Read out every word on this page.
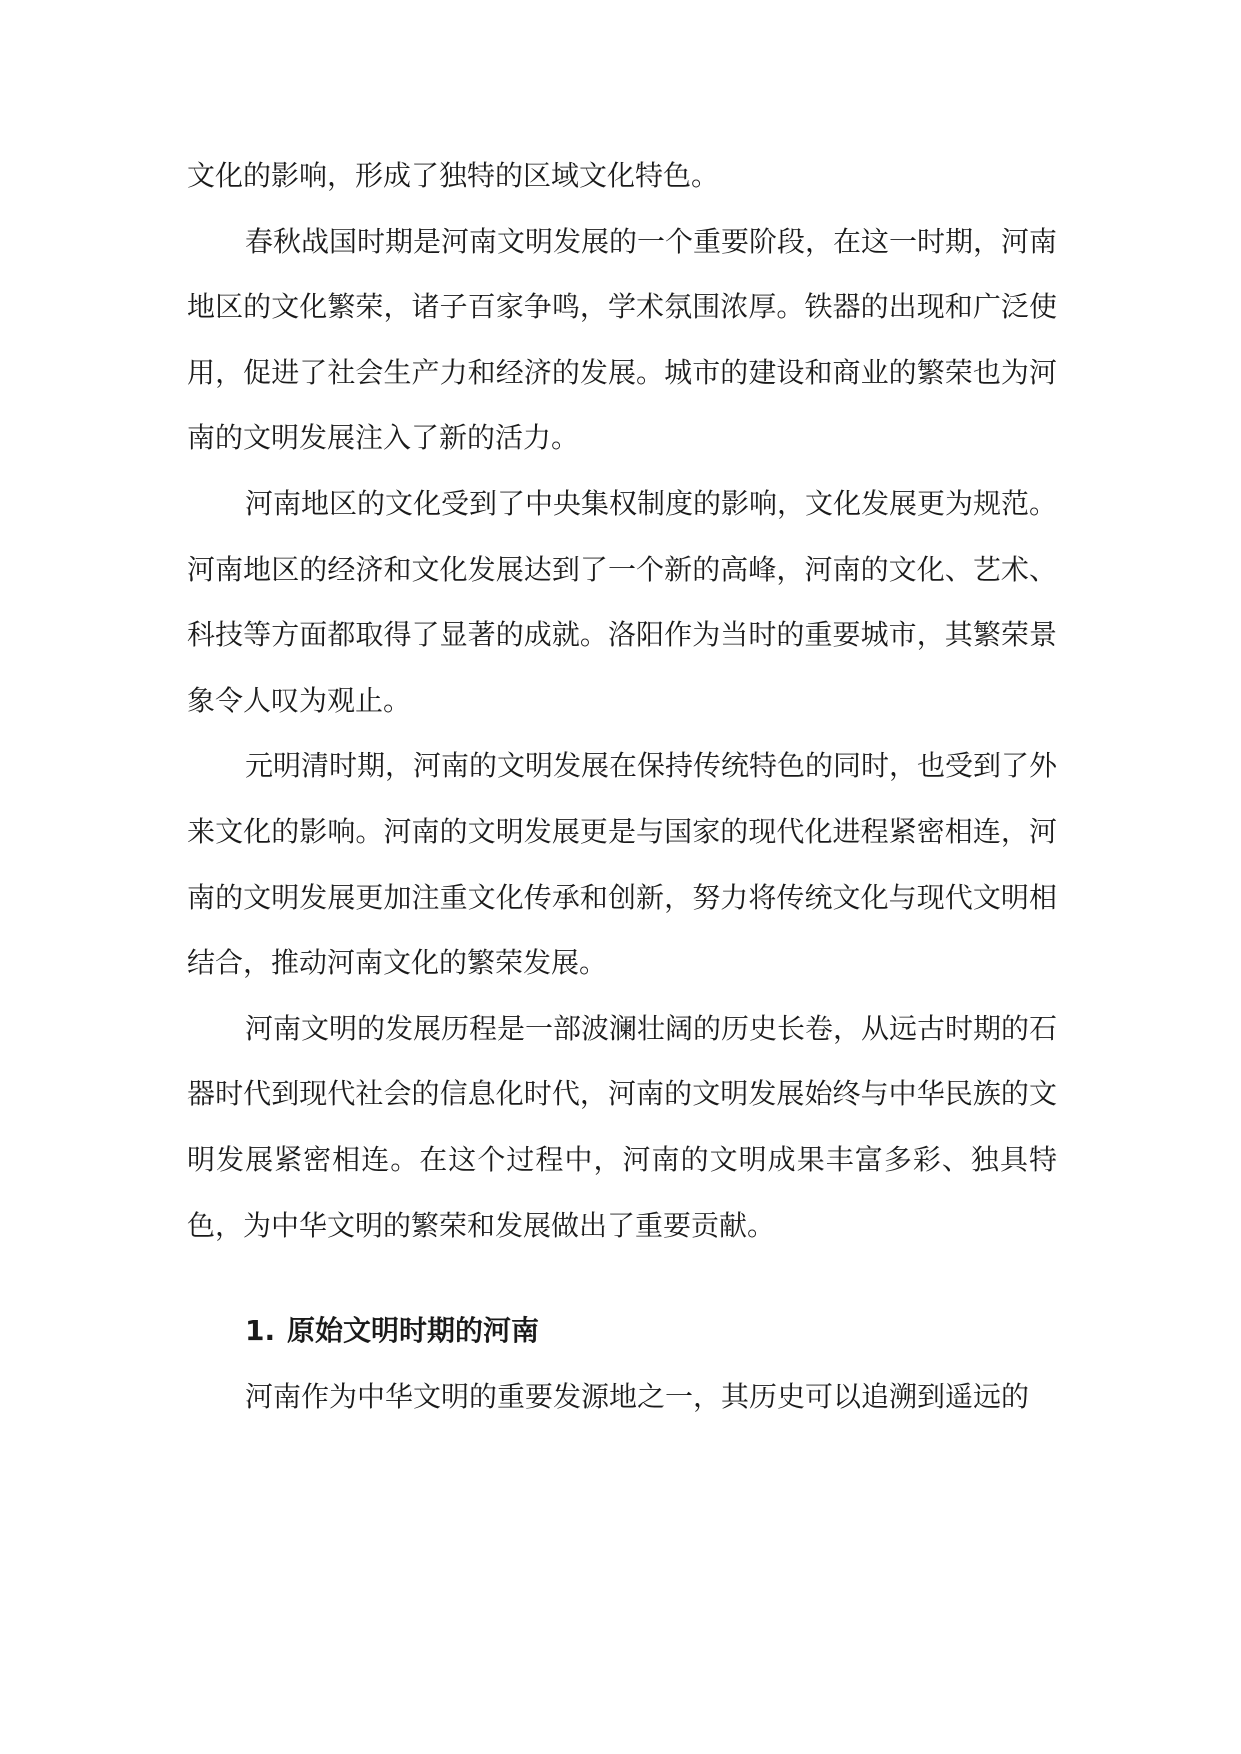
文化的影响，形成了独特的区域文化特色。

春秋战国时期是河南文明发展的一个重要阶段，在这一时期，河南地区的文化繁荣，诸子百家争鸣，学术氛围浓厚。铁器的出现和广泛使用，促进了社会生产力和经济的发展。城市的建设和商业的繁荣也为河南的文明发展注入了新的活力。

河南地区的文化受到了中央集权制度的影响，文化发展更为规范。河南地区的经济和文化发展达到了一个新的高峰，河南的文化、艺术、科技等方面都取得了显著的成就。洛阳作为当时的重要城市，其繁荣景象令人叹为观止。

元明清时期，河南的文明发展在保持传统特色的同时，也受到了外来文化的影响。河南的文明发展更是与国家的现代化进程紧密相连，河南的文明发展更加注重文化传承和创新，努力将传统文化与现代文明相结合，推动河南文化的繁荣发展。

河南文明的发展历程是一部波澜壮阔的历史长卷，从远古时期的石器时代到现代社会的信息化时代，河南的文明发展始终与中华民族的文明发展紧密相连。在这个过程中，河南的文明成果丰富多彩、独具特色，为中华文明的繁荣和发展做出了重要贡献。

1. 原始文明时期的河南

河南作为中华文明的重要发源地之一，其历史可以追溯到遥远的
